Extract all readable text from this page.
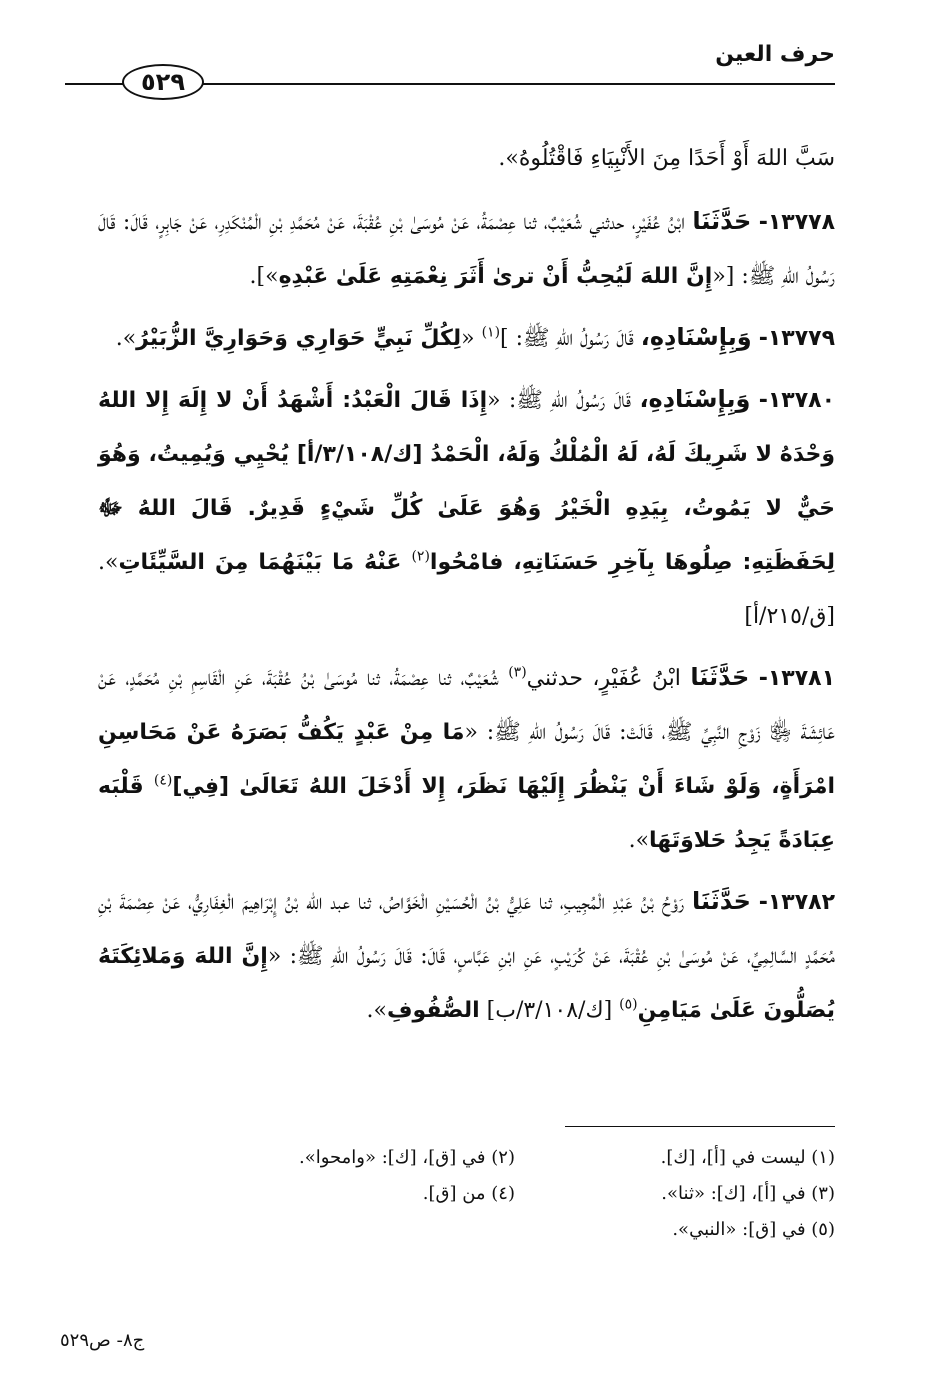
حرف العين
٥٢٩

سَبَّ اللهَ أَوْ أَحَدًا مِنَ الأَنْبِيَاءِ فَاقْتُلُوهُ».

١٣٧٧٨- حَدَّثَنَا ابْنُ عُفَيْرٍ، حدثني شُعَيْبٌ، ثنا عِصْمَةُ، عَنْ مُوسَىٰ بْنِ عُقْبَةَ، عَنْ مُحَمَّدِ بْنِ الْمُنْكَدِرِ، عَنْ جَابِرٍ، قَالَ: قَالَ رَسُولُ اللهِ ﷺ: [«إِنَّ اللهَ لَيُحِبُّ أَنْ ترىٰ أَثَرَ نِعْمَتِهِ عَلَىٰ عَبْدِهِ»].

١٣٧٧٩- وَبِإِسْنَادِهِ، قَالَ رَسُولُ اللهِ ﷺ: ]$^{(١)}$ «لِكُلِّ نَبِيٍّ حَوَارِي وَحَوَارِيَّ الزُّبَيْرُ».

١٣٧٨٠- وَبِإِسْنَادِهِ، قَالَ رَسُولُ اللهِ ﷺ: «إِذَا قَالَ الْعَبْدُ: أَشْهَدُ أَنْ لا إِلَهَ إِلا اللهُ وَحْدَهُ لا شَرِيكَ لَهُ، لَهُ الْمُلْكُ وَلَهُ، الْحَمْدُ [ك/٣/١٠٨/أ] يُحْيِي وَيُمِيتُ، وَهُوَ حَيٌّ لا يَمُوتُ، بِيَدِهِ الْخَيْرُ وَهُوَ عَلَىٰ كُلِّ شَيْءٍ قَدِيرٌ. قَالَ اللهُ ﷻ لِحَفَظَتِهِ: صِلُوهَا بِآخِرِ حَسَنَاتِهِ، فامْحُوا$^{(٢)}$ عَنْهُ مَا بَيْنَهُمَا مِنَ السَّيِّئَاتِ». [ق/٢١٥/أ]

١٣٧٨١- حَدَّثَنَا ابْنُ عُفَيْرٍ، حدثني$^{(٣)}$ شُعَيْبٌ، ثنا عِصْمَةُ، ثنا مُوسَىٰ بْنُ عُقْبَةَ، عَنِ الْقَاسِمِ بْنِ مُحَمَّدٍ، عَنْ عَائِشَةَ ﵂ زَوْجِ النَّبِيِّ ﷺ، قَالَتْ: قَالَ رَسُولُ اللهِ ﷺ: «مَا مِنْ عَبْدٍ يَكُفُّ بَصَرَهُ عَنْ مَحَاسِنِ امْرَأَةٍ، وَلَوْ شَاءَ أَنْ يَنْظُرَ إِلَيْهَا نَظَرَ، إِلا أَدْخَلَ اللهُ تَعَالَىٰ [فِي]$^{(٤)}$ قَلْبَه عِبَادَةً يَجِدُ حَلاوَتَهَا».

١٣٧٨٢- حَدَّثَنَا رَوْحُ بْنُ عَبْدِ الْمُجِيبِ، ثنا عَلِيُّ بْنُ الْحُسَيْنِ الْخَوَّاصُ، ثنا عبد الله بْنُ إِبْرَاهِيمَ الْغِفَارِيُّ، عَنْ عِصْمَةَ بْنِ مُحَمَّدٍ السَّالِمِيِّ، عَنْ مُوسَىٰ بْنِ عُقْبَةَ، عَنْ كُرَيْبٍ، عَنِ ابْنِ عَبَّاسٍ، قَالَ: قَالَ رَسُولُ اللهِ ﷺ: «إِنَّ اللهَ وَمَلائِكَتَهُ يُصَلُّونَ عَلَىٰ مَيَامِنِ$^{(٥)}$ [ك/٣/١٠٨/ب] الصُّفُوفِ».

(١) ليست في [أ]، [ك].
(٢) في [ق]، [ك]: «وامحوا».
(٣) في [أ]، [ك]: «ثنا».
(٤) من [ق].
(٥) في [ق]: «النبي».
ج٨- ص٥٢٩
